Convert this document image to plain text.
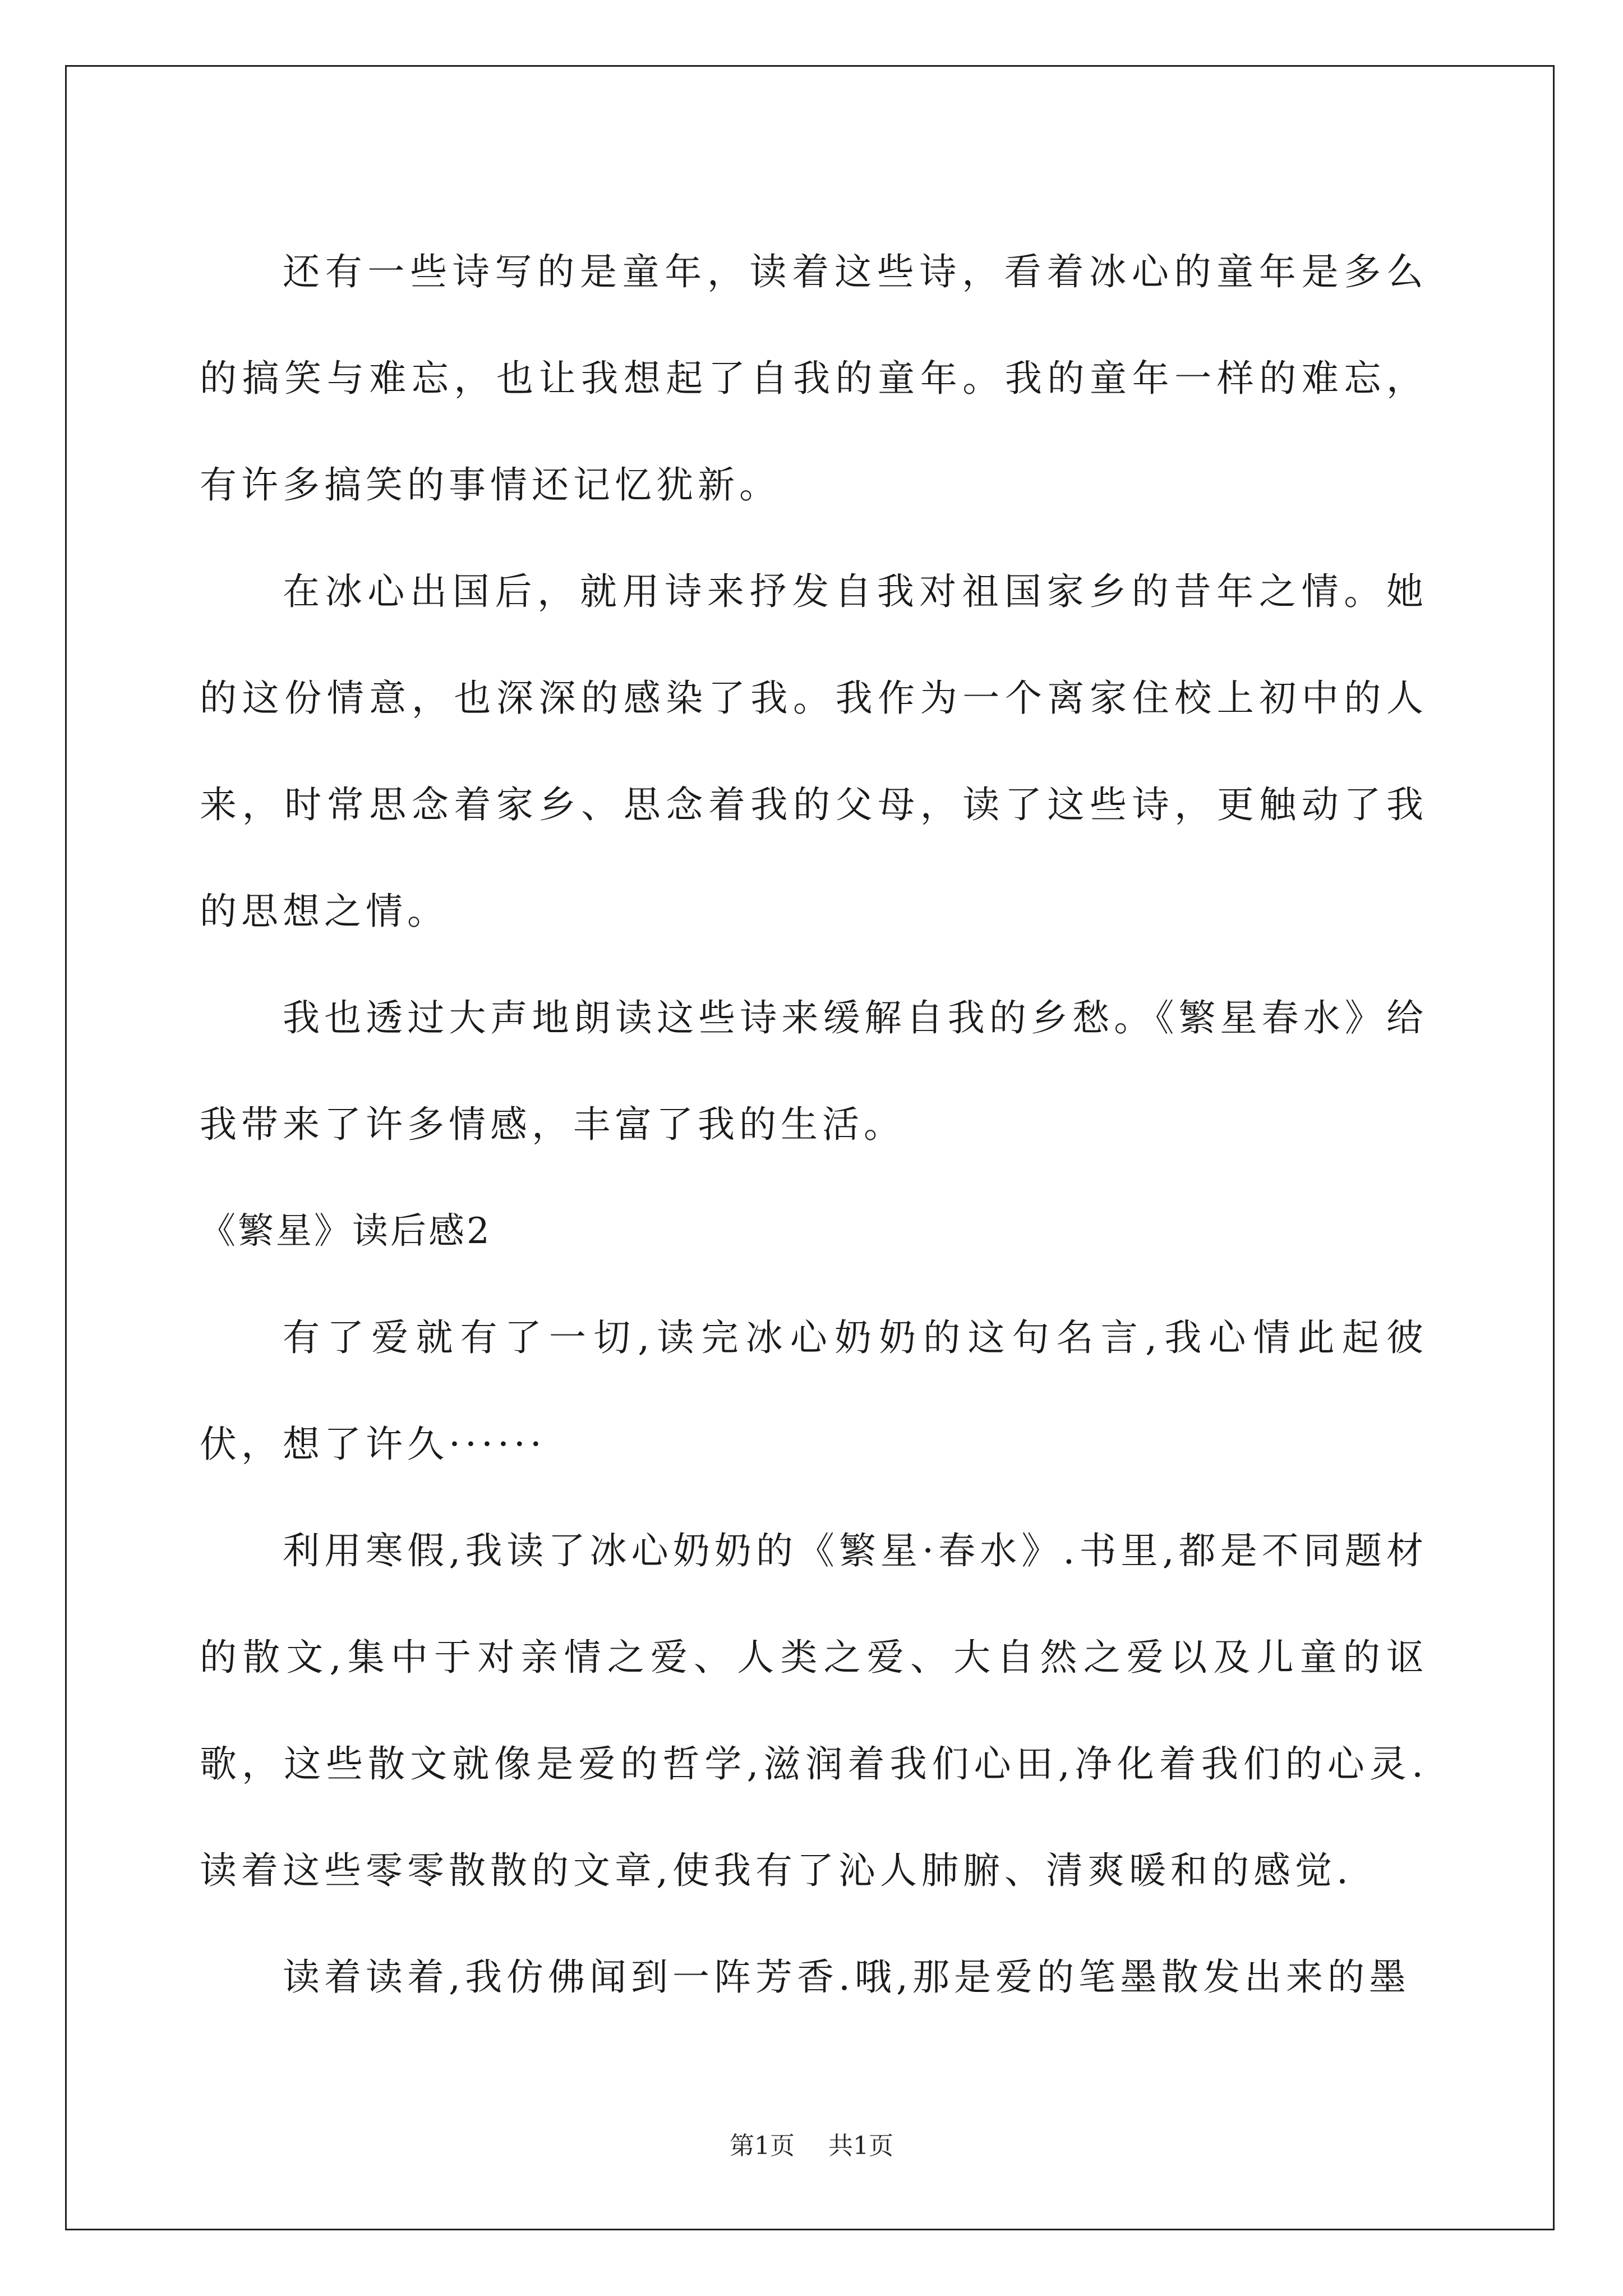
还有一些诗写的是童年，读着这些诗，看着冰心的童年是多么的搞笑与难忘，也让我想起了自我的童年。我的童年一样的难忘，有许多搞笑的事情还记忆犹新。

在冰心出国后，就用诗来抒发自我对祖国家乡的昔年之情。她的这份情意，也深深的感染了我。我作为一个离家住校上初中的人来，时常思念着家乡、思念着我的父母，读了这些诗，更触动了我的思想之情。

我也透过大声地朗读这些诗来缓解自我的乡愁。《繁星春水》给我带来了许多情感，丰富了我的生活。

《繁星》读后感2

有了爱就有了一切,读完冰心奶奶的这句名言,我心情此起彼伏，想了许久······

利用寒假,我读了冰心奶奶的《繁星·春水》.书里,都是不同题材的散文,集中于对亲情之爱、人类之爱、大自然之爱以及儿童的讴歌，这些散文就像是爱的哲学,滋润着我们心田,净化着我们的心灵.读着这些零零散散的文章,使我有了沁人肺腑、清爽暖和的感觉.

读着读着,我仿佛闻到一阵芳香.哦,那是爱的笔墨散发出来的墨

第1页 共1页
